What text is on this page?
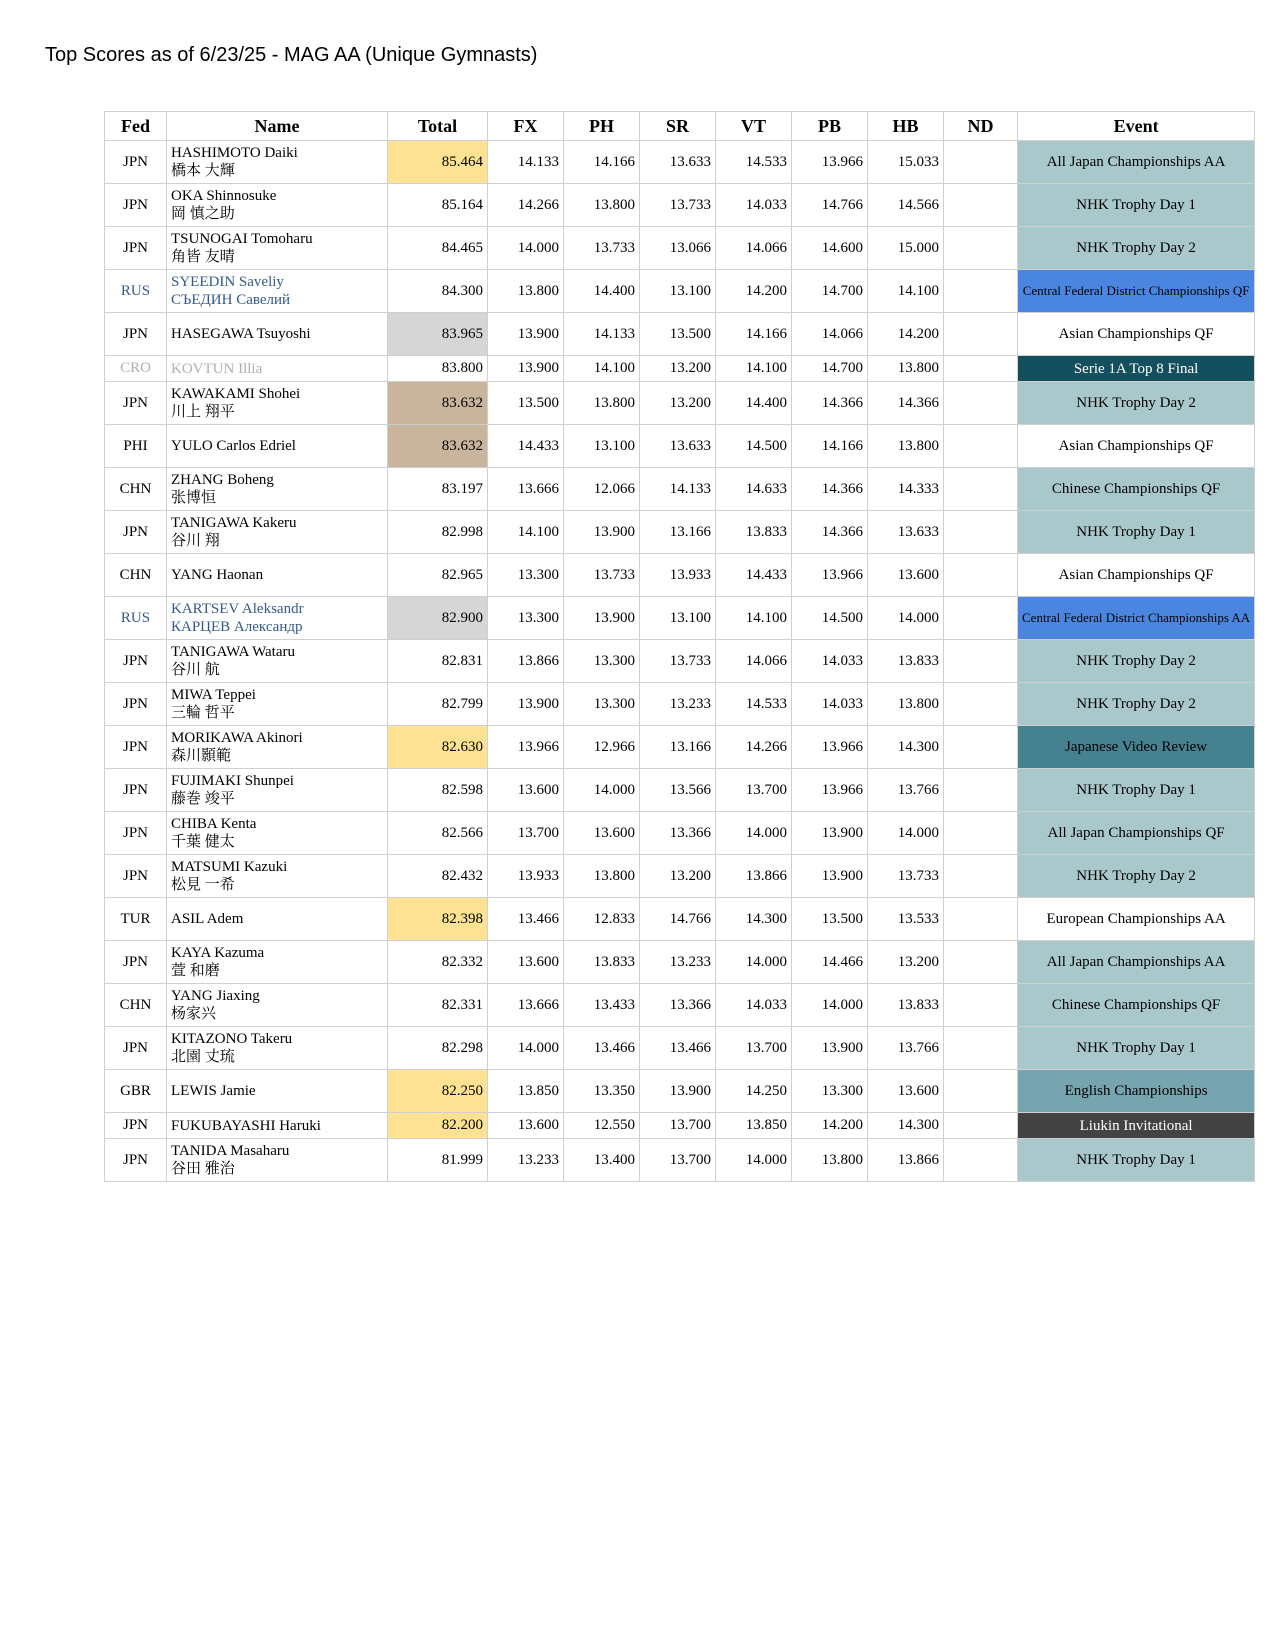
Top Scores as of 6/23/25 - MAG AA (Unique Gymnasts)
Fed	Name	Total	FX	PH	SR	VT	PB	HB	ND	Event
JPN	HASHIMOTO Daiki
橋本 大輝	85.464	14.133	14.166	13.633	14.533	13.966	15.033		All Japan Championships AA
JPN	OKA Shinnosuke
岡 慎之助	85.164	14.266	13.800	13.733	14.033	14.766	14.566		NHK Trophy Day 1
JPN	TSUNOGAI Tomoharu
角皆 友晴	84.465	14.000	13.733	13.066	14.066	14.600	15.000		NHK Trophy Day 2
RUS	SYEEDIN Saveliy
СЪЕДИН Савелий	84.300	13.800	14.400	13.100	14.200	14.700	14.100		Central Federal District Championships QF
JPN	HASEGAWA Tsuyoshi	83.965	13.900	14.133	13.500	14.166	14.066	14.200		Asian Championships QF
CRO	KOVTUN Illia	83.800	13.900	14.100	13.200	14.100	14.700	13.800		Serie 1A Top 8 Final
JPN	KAWAKAMI Shohei
川上 翔平	83.632	13.500	13.800	13.200	14.400	14.366	14.366		NHK Trophy Day 2
PHI	YULO Carlos Edriel	83.632	14.433	13.100	13.633	14.500	14.166	13.800		Asian Championships QF
CHN	ZHANG Boheng
张博恒	83.197	13.666	12.066	14.133	14.633	14.366	14.333		Chinese Championships QF
JPN	TANIGAWA Kakeru
谷川 翔	82.998	14.100	13.900	13.166	13.833	14.366	13.633		NHK Trophy Day 1
CHN	YANG Haonan	82.965	13.300	13.733	13.933	14.433	13.966	13.600		Asian Championships QF
RUS	KARTSEV Aleksandr
КАРЦЕВ Александр	82.900	13.300	13.900	13.100	14.100	14.500	14.000		Central Federal District Championships AA
JPN	TANIGAWA Wataru
谷川 航	82.831	13.866	13.300	13.733	14.066	14.033	13.833		NHK Trophy Day 2
JPN	MIWA Teppei
三輪 哲平	82.799	13.900	13.300	13.233	14.533	14.033	13.800		NHK Trophy Day 2
JPN	MORIKAWA Akinori
森川顥範	82.630	13.966	12.966	13.166	14.266	13.966	14.300		Japanese Video Review
JPN	FUJIMAKI Shunpei
藤巻 竣平	82.598	13.600	14.000	13.566	13.700	13.966	13.766		NHK Trophy Day 1
JPN	CHIBA Kenta
千葉 健太	82.566	13.700	13.600	13.366	14.000	13.900	14.000		All Japan Championships QF
JPN	MATSUMI Kazuki
松見 一希	82.432	13.933	13.800	13.200	13.866	13.900	13.733		NHK Trophy Day 2
TUR	ASIL Adem	82.398	13.466	12.833	14.766	14.300	13.500	13.533		European Championships AA
JPN	KAYA Kazuma
萱 和磨	82.332	13.600	13.833	13.233	14.000	14.466	13.200		All Japan Championships AA
CHN	YANG Jiaxing
杨家兴	82.331	13.666	13.433	13.366	14.033	14.000	13.833		Chinese Championships QF
JPN	KITAZONO Takeru
北園 丈琉	82.298	14.000	13.466	13.466	13.700	13.900	13.766		NHK Trophy Day 1
GBR	LEWIS Jamie	82.250	13.850	13.350	13.900	14.250	13.300	13.600		English Championships
JPN	FUKUBAYASHI Haruki	82.200	13.600	12.550	13.700	13.850	14.200	14.300		Liukin Invitational
JPN	TANIDA Masaharu
谷田 雅治	81.999	13.233	13.400	13.700	14.000	13.800	13.866		NHK Trophy Day 1
